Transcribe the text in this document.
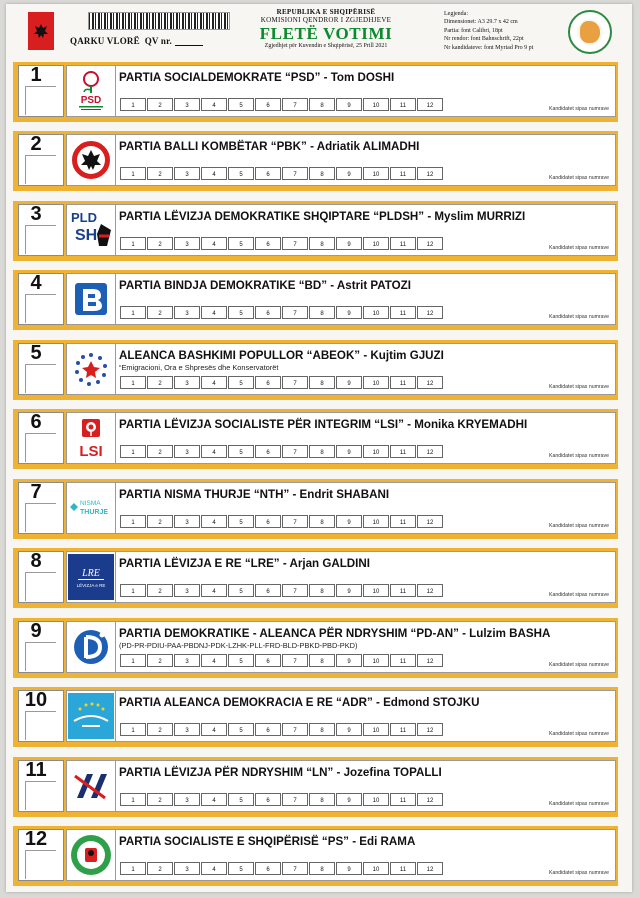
QARKU VLORË QV nr.
REPUBLIKA E SHQIPËRISË
KOMISIONI QENDROR I ZGJEDHJEVE
FLETË VOTIMI
Zgjedhjet për Kuvendin e Shqipërisë, 25 Prill 2021
Legjenda:
Dimensionet: A3 29.7 x 42 cm
Partia: font Calibri, 18pt
Nr rendor: font Bahnschrift, 22pt
Nr kandidateve: font Myriad Pro 9 pt
1
PSD
PARTIA SOCIALDEMOKRATE “PSD” - Tom DOSHI
1	2	3	4	5	6	7	8	9	10	11	12	Kandidatet sipas numrave
2	PARTIA BALLI KOMBËTAR “PBK” - Adriatik ALIMADHI
1	2	3	4	5	6	7	8	9	10	11	12	Kandidatet sipas numrave
3	PLD
SH
PARTIA LËVIZJA DEMOKRATIKE SHQIPTARE “PLDSH” - Myslim MURRIZI
1	2	3	4	5	6	7	8	9	10	11	12	Kandidatet sipas numrave
4	PARTIA BINDJA DEMOKRATIKE “BD” - Astrit PATOZI
1	2	3	4	5	6	7	8	9	10	11	12	Kandidatet sipas numrave
5	ALEANCA BASHKIMI POPULLOR “ABEOK” - Kujtim GJUZI
“Emigracioni, Ora e Shpresës dhe Konservatorët
1	2	3	4	5	6	7	8	9	10	11	12	Kandidatet sipas numrave
6
LSI
PARTIA LËVIZJA SOCIALISTE PËR INTEGRIM “LSI” - Monika KRYEMADHI
1	2	3	4	5	6	7	8	9	10	11	12	Kandidatet sipas numrave
7
NISMA
THURJE
PARTIA NISMA THURJE “NTH” - Endrit SHABANI
1	2	3	4	5	6	7	8	9	10	11	12	Kandidatet sipas numrave
8
LRE
LËVIZJA e RE
PARTIA LËVIZJA E RE “LRE” - Arjan GALDINI
1	2	3	4	5	6	7	8	9	10	11	12	Kandidatet sipas numrave
9	PARTIA DEMOKRATIKE - ALEANCA PËR NDRYSHIM “PD-AN” - Lulzim BASHA
(PD-PR-PDIU-PAA-PBDNJ-PDK-LZHK-PLL-FRD-BLD-PBKD-PBD-PKD)
1	2	3	4	5	6	7	8	9	10	11	12	Kandidatet sipas numrave
10	PARTIA ALEANCA DEMOKRACIA E RE “ADR” - Edmond STOJKU
1	2	3	4	5	6	7	8	9	10	11	12	Kandidatet sipas numrave
11	PARTIA LËVIZJA PËR NDRYSHIM “LN” - Jozefina TOPALLI
1	2	3	4	5	6	7	8	9	10	11	12	Kandidatet sipas numrave
12	PARTIA SOCIALISTE E SHQIPËRISË “PS” - Edi RAMA
1	2	3	4	5	6	7	8	9	10	11	12	Kandidatet sipas numrave
